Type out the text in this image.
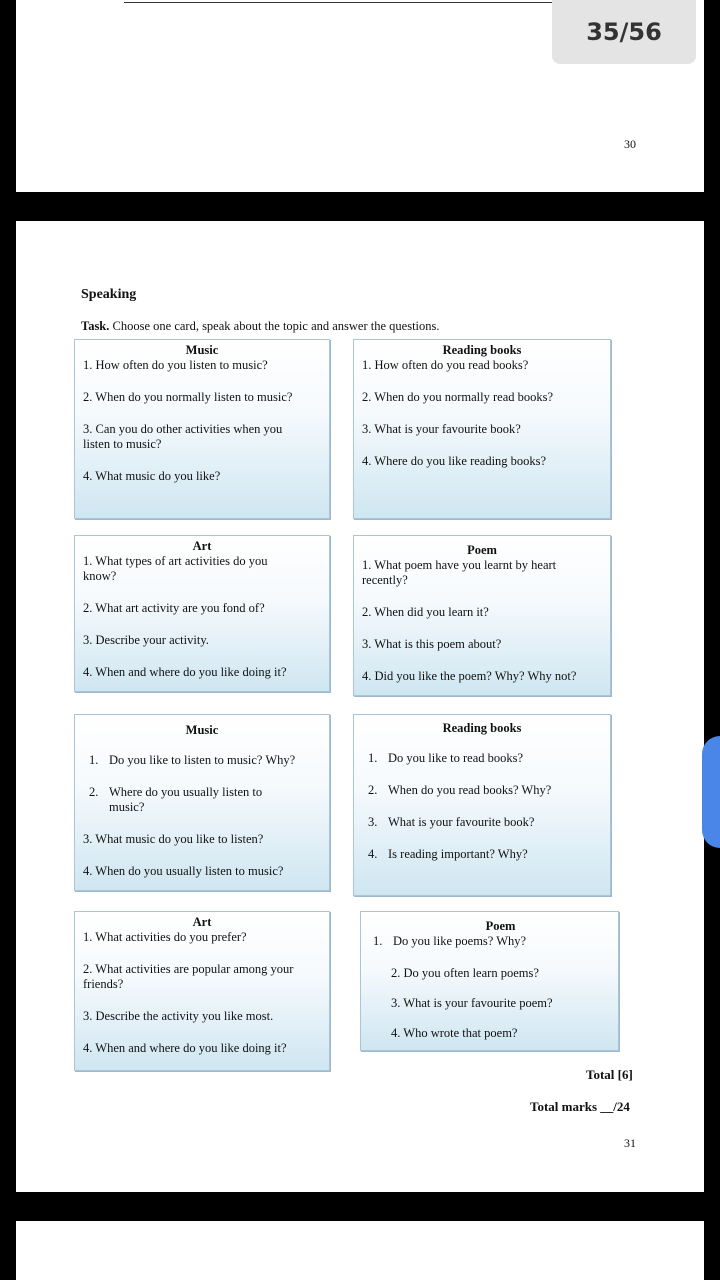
30
35/56
Speaking
Task. Choose one card, speak about the topic and answer the questions.
Music
1. How often do you listen to music?
2. When do you normally listen to music?
3. Can you do other activities when you listen to music?
4. What music do you like?
Reading books
1. How often do you read books?
2. When do you normally read books?
3. What is your favourite book?
4. Where do you like reading books?
Art
1. What types of art activities do you know?
2. What art activity are you fond of?
3. Describe your activity.
4. When and where do you like doing it?
Poem
1. What poem have you learnt by heart recently?
2. When did you learn it?
3. What is this poem about?
4. Did you like the poem? Why? Why not?
Music
1. Do you like to listen to music? Why?
2. Where do you usually listen to music?
3. What music do you like to listen?
4. When do you usually listen to music?
Reading books
1. Do you like to read books?
2. When do you read books? Why?
3. What is your favourite book?
4. Is reading important? Why?
Art
1. What activities do you prefer?
2. What activities are popular among your friends?
3. Describe the activity you like most.
4. When and where do you like doing it?
Poem
1. Do you like poems? Why?
2. Do you often learn poems?
3. What is your favourite poem?
4. Who wrote that poem?
Total [6]
Total marks __/24
31
